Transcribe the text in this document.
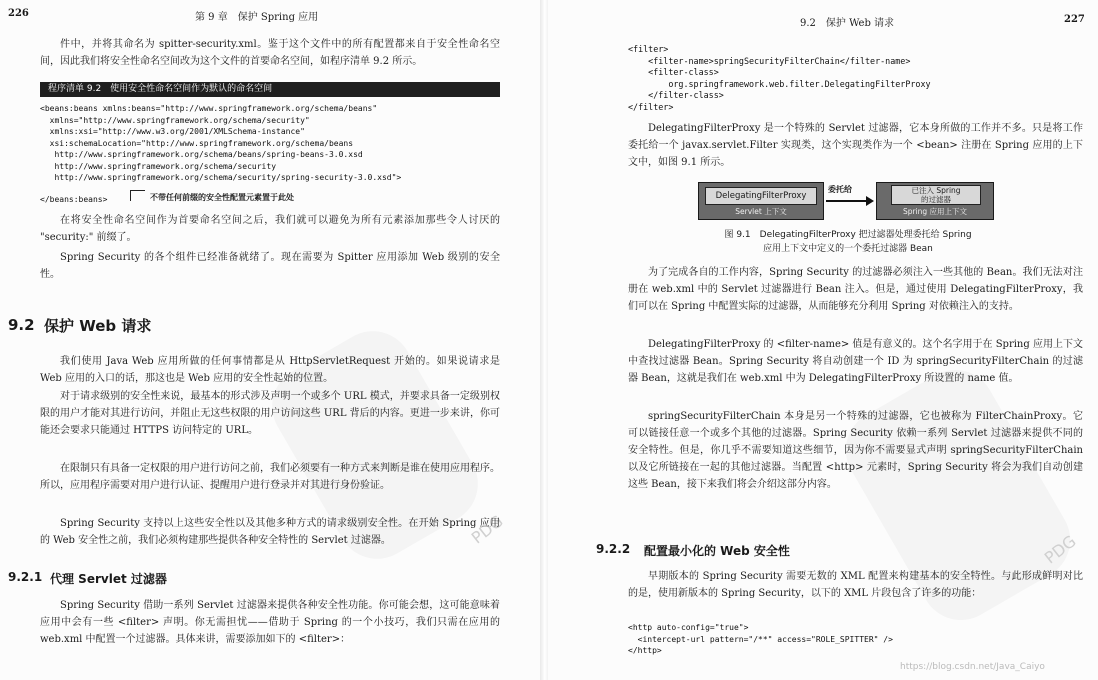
PDG
226	第 9 章　保护 Spring 应用
件中，并将其命名为 spitter-security.xml。鉴于这个文件中的所有配置都来自于安全性命名空间，因此我们将安全性命名空间改为这个文件的首要命名空间，如程序清单 9.2 所示。
程序清单 9.2　使用安全性命名空间作为默认的命名空间
<beans:beans xmlns:beans="http://www.springframework.org/schema/beans"
xmlns="http://www.springframework.org/schema/security"
xmlns:xsi="http://www.w3.org/2001/XMLSchema-instance"
xsi:schemaLocation="http://www.springframework.org/schema/beans
http://www.springframework.org/schema/beans/spring-beans-3.0.xsd
http://www.springframework.org/schema/security
http://www.springframework.org/schema/security/spring-security-3.0.xsd">
</beans:beans>	不带任何前缀的安全性配置元素置于此处
在将安全性命名空间作为首要命名空间之后，我们就可以避免为所有元素添加那些令人讨厌的 "security:" 前缀了。
Spring Security 的各个组件已经准备就绪了。现在需要为 Spitter 应用添加 Web 级别的安全性。
9.2 保护 Web 请求
我们使用 Java Web 应用所做的任何事情都是从 HttpServletRequest 开始的。如果说请求是 Web 应用的入口的话，那这也是 Web 应用的安全性起始的位置。
对于请求级别的安全性来说，最基本的形式涉及声明一个或多个 URL 模式，并要求具备一定级别权限的用户才能对其进行访问，并阻止无这些权限的用户访问这些 URL 背后的内容。更进一步来讲，你可能还会要求只能通过 HTTPS 访问特定的 URL。
在限制只有具备一定权限的用户进行访问之前，我们必须要有一种方式来判断是谁在使用应用程序。所以，应用程序需要对用户进行认证、提醒用户进行登录并对其进行身份验证。
Spring Security 支持以上这些安全性以及其他多种方式的请求级别安全性。在开始 Spring 应用的 Web 安全性之前，我们必须构建那些提供各种安全特性的 Servlet 过滤器。
9.2.1 代理 Servlet 过滤器
Spring Security 借助一系列 Servlet 过滤器来提供各种安全性功能。你可能会想，这可能意味着应用中会有一些 <filter> 声明。你无需担忧——借助于 Spring 的一个小技巧，我们只需在应用的 web.xml 中配置一个过滤器。具体来讲，需要添加如下的 <filter>：
PDG
9.2　保护 Web 请求	227
<filter>
<filter-name>springSecurityFilterChain</filter-name>
<filter-class>
org.springframework.web.filter.DelegatingFilterProxy
</filter-class>
</filter>
DelegatingFilterProxy 是一个特殊的 Servlet 过滤器，它本身所做的工作并不多。只是将工作委托给一个 javax.servlet.Filter 实现类，这个实现类作为一个 <bean> 注册在 Spring 应用的上下文中，如图 9.1 所示。
DelegatingFilterProxy
Servlet 上下文
委托给	已注入 Spring
的过滤器
Spring 应用上下文
图 9.1　DelegatingFilterProxy 把过滤器处理委托给 Spring
应用上下文中定义的一个委托过滤器 Bean
为了完成各自的工作内容，Spring Security 的过滤器必须注入一些其他的 Bean。我们无法对注册在 web.xml 中的 Servlet 过滤器进行 Bean 注入。但是，通过使用 DelegatingFilterProxy，我们可以在 Spring 中配置实际的过滤器，从而能够充分利用 Spring 对依赖注入的支持。
DelegatingFilterProxy 的 <filter-name> 值是有意义的。这个名字用于在 Spring 应用上下文中查找过滤器 Bean。Spring Security 将自动创建一个 ID 为 springSecurityFilterChain 的过滤器 Bean，这就是我们在 web.xml 中为 DelegatingFilterProxy 所设置的 name 值。
springSecurityFilterChain 本身是另一个特殊的过滤器，它也被称为 FilterChainProxy。它可以链接任意一个或多个其他的过滤器。Spring Security 依赖一系列 Servlet 过滤器来提供不同的安全特性。但是，你几乎不需要知道这些细节，因为你不需要显式声明 springSecurityFilterChain 以及它所链接在一起的其他过滤器。当配置 <http> 元素时，Spring Security 将会为我们自动创建这些 Bean，接下来我们将会介绍这部分内容。
9.2.2 配置最小化的 Web 安全性
早期版本的 Spring Security 需要无数的 XML 配置来构建基本的安全特性。与此形成鲜明对比的是，使用新版本的 Spring Security，以下的 XML 片段包含了许多的功能：
<http auto-config="true">
<intercept-url pattern="/**" access="ROLE_SPITTER" />
</http>
https://blog.csdn.net/Java_Caiyo
